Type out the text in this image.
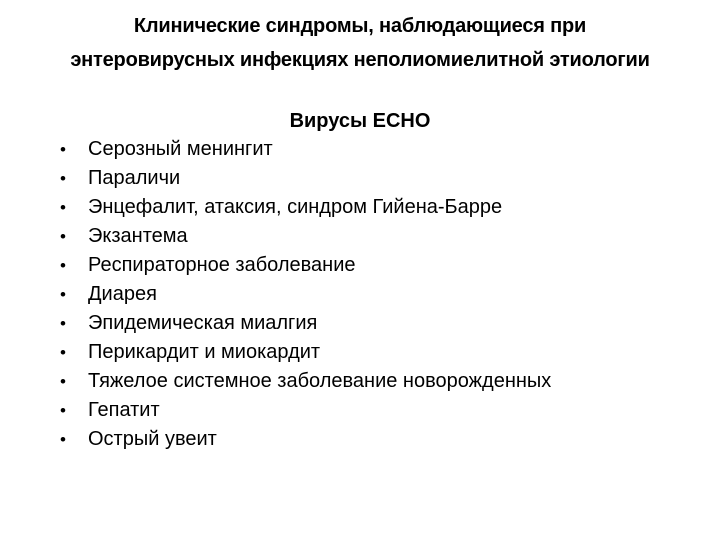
Клинические синдромы, наблюдающиеся при
энтеровирусных инфекциях неполиомиелитной этиологии
Вирусы ЕСНО
•	Серозный менингит
•	Параличи
•	Энцефалит, атаксия, синдром Гийена-Барре
•	Экзантема
•	Респираторное заболевание
•	Диарея
•	Эпидемическая миалгия
•	Перикардит и миокардит
•	Тяжелое системное заболевание новорожденных
•	Гепатит
•	Острый увеит
